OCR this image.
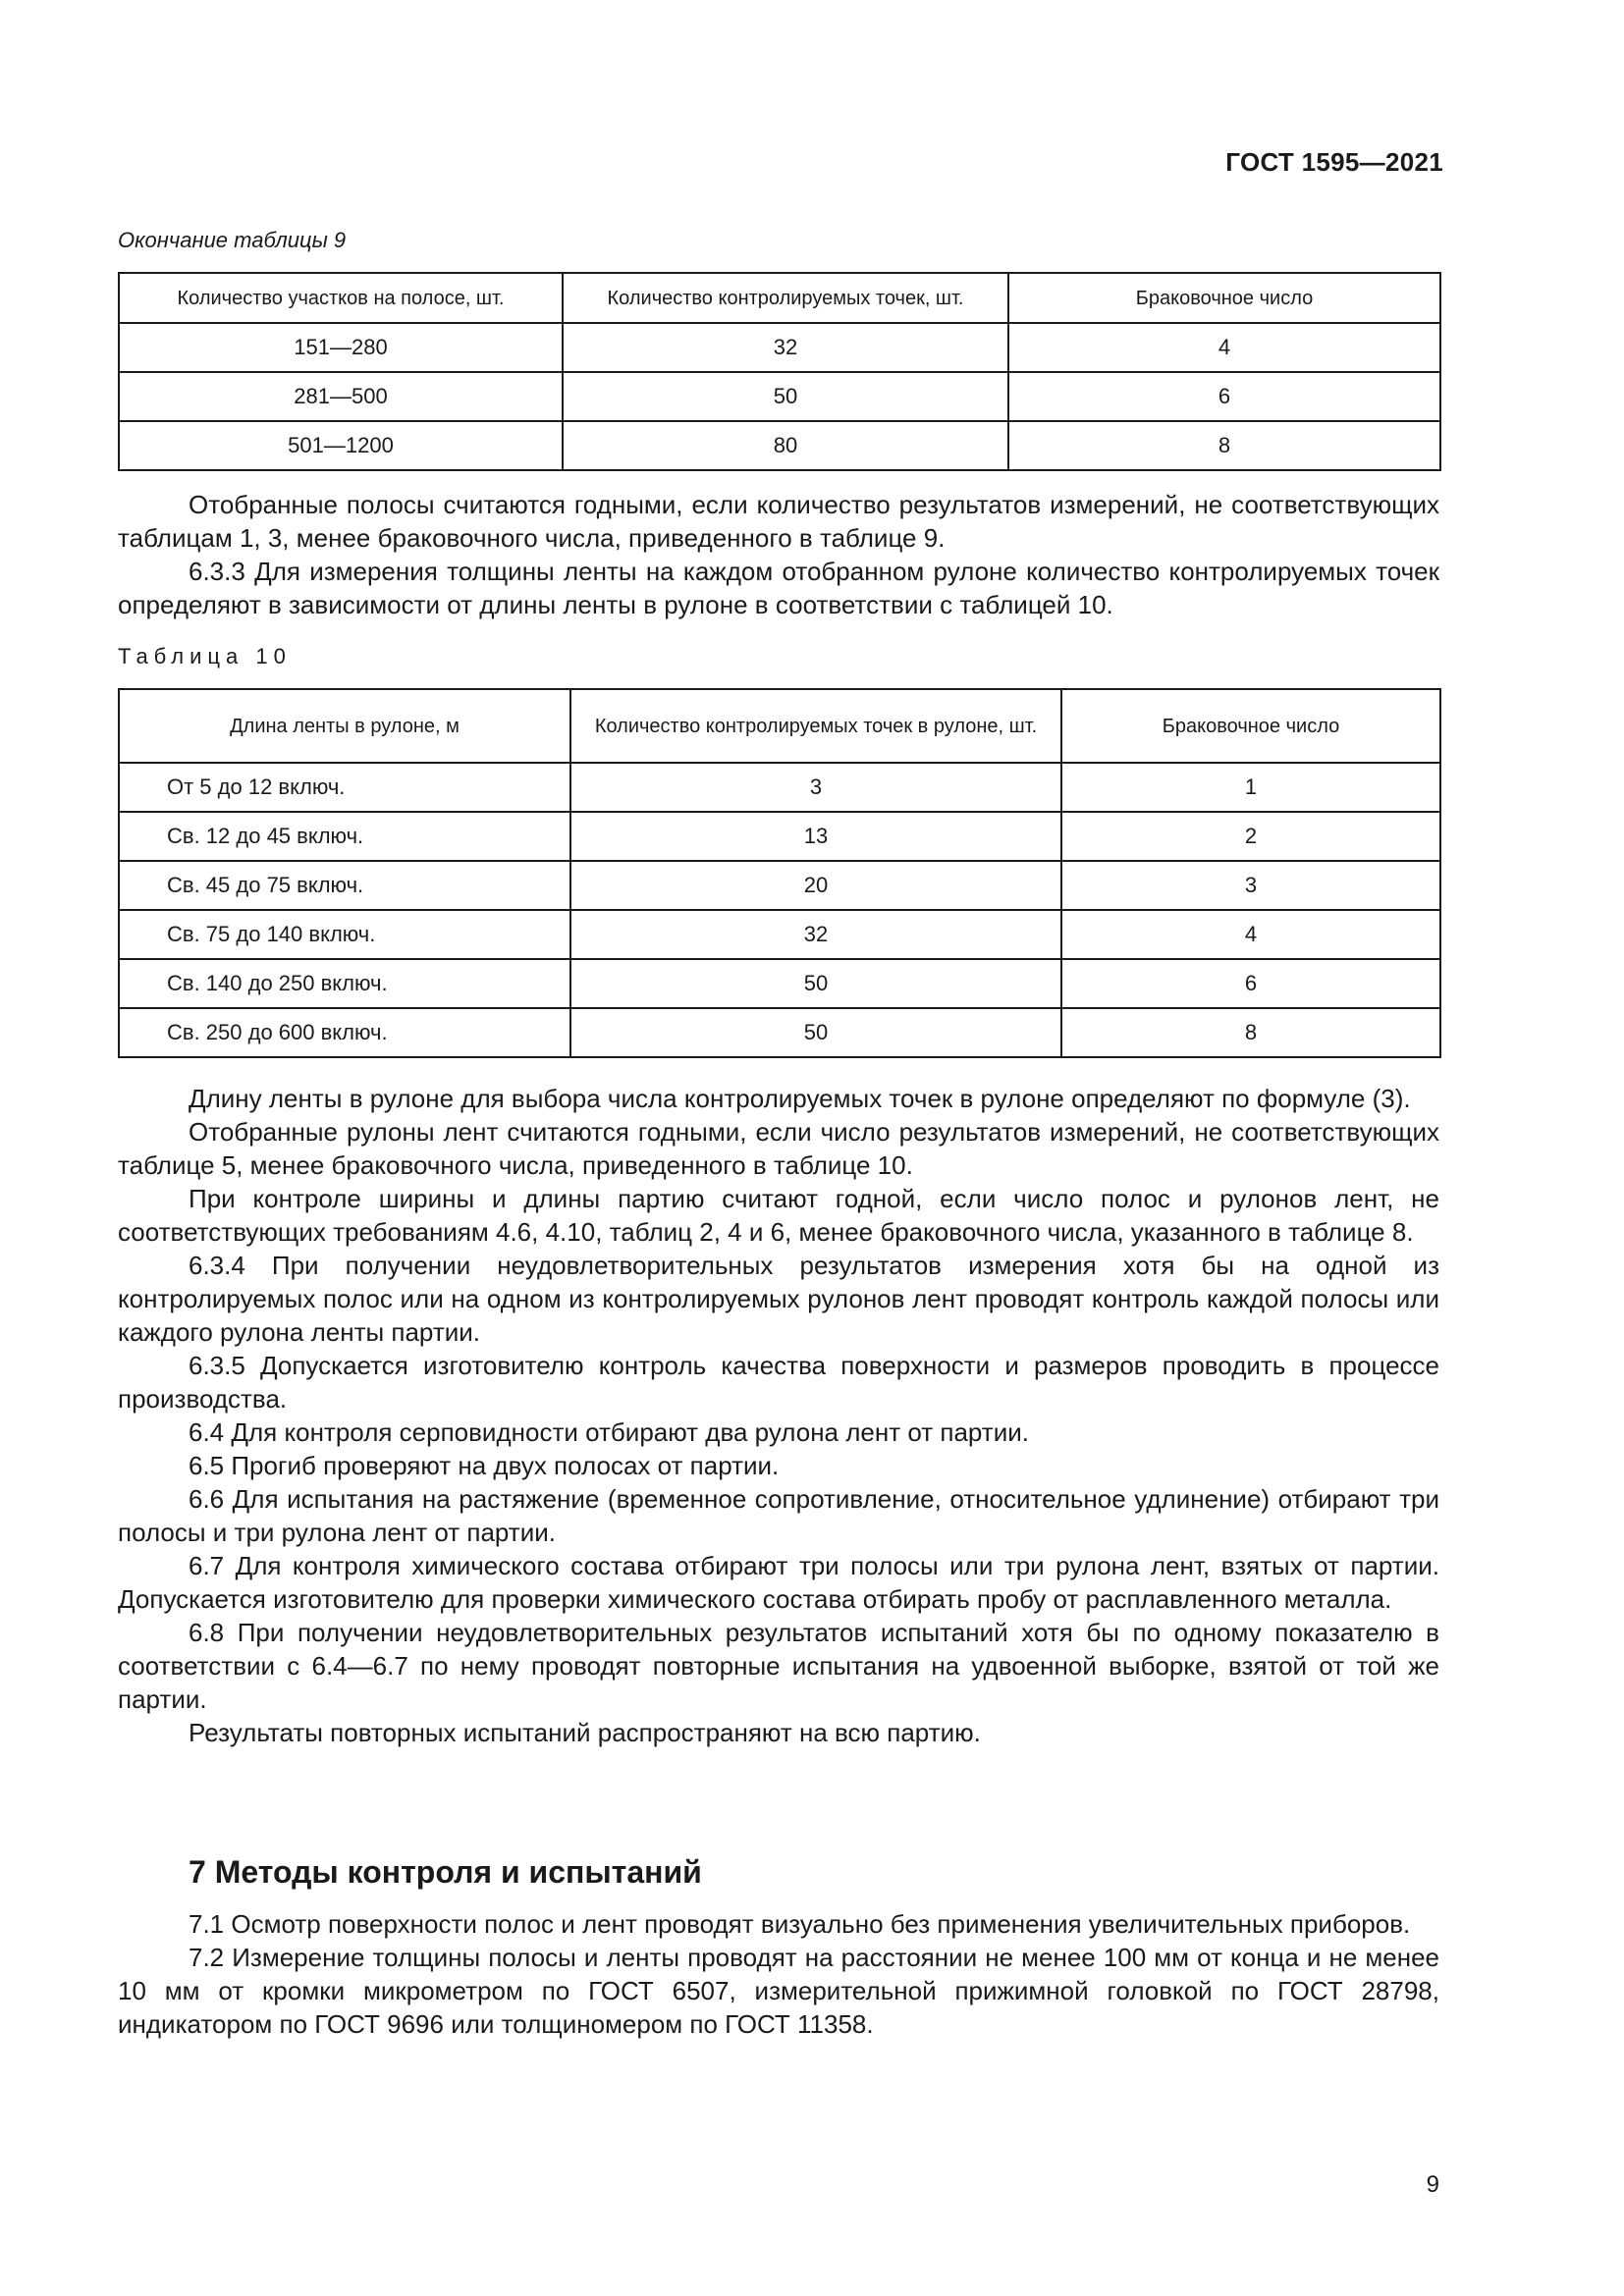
ГОСТ 1595—2021
Окончание таблицы 9
Количество участков на полосе, шт.	Количество контролируемых точек, шт.	Браковочное число
151—280	32	4
281—500	50	6
501—1200	80	8

Отобранные полосы считаются годными, если количество результатов измерений, не соответствующих таблицам 1, 3, менее браковочного числа, приведенного в таблице 9.

6.3.3 Для измерения толщины ленты на каждом отобранном рулоне количество контролируемых точек определяют в зависимости от длины ленты в рулоне в соответствии с таблицей 10.

Таблица 10
Длина ленты в рулоне, м	Количество контролируемых точек в рулоне, шт.	Браковочное число
От 5 до 12 включ.	3	1
Св. 12 до 45 включ.	13	2
Св. 45 до 75 включ.	20	3
Св. 75 до 140 включ.	32	4
Св. 140 до 250 включ.	50	6
Св. 250 до 600 включ.	50	8

Длину ленты в рулоне для выбора числа контролируемых точек в рулоне определяют по формуле (3).

Отобранные рулоны лент считаются годными, если число результатов измерений, не соответствующих таблице 5, менее браковочного числа, приведенного в таблице 10.

При контроле ширины и длины партию считают годной, если число полос и рулонов лент, не соответствующих требованиям 4.6, 4.10, таблиц 2, 4 и 6, менее браковочного числа, указанного в таблице 8.

6.3.4 При получении неудовлетворительных результатов измерения хотя бы на одной из контролируемых полос или на одном из контролируемых рулонов лент проводят контроль каждой полосы или каждого рулона ленты партии.

6.3.5 Допускается изготовителю контроль качества поверхности и размеров проводить в процессе производства.

6.4 Для контроля серповидности отбирают два рулона лент от партии.

6.5 Прогиб проверяют на двух полосах от партии.

6.6 Для испытания на растяжение (временное сопротивление, относительное удлинение) отбирают три полосы и три рулона лент от партии.

6.7 Для контроля химического состава отбирают три полосы или три рулона лент, взятых от партии. Допускается изготовителю для проверки химического состава отбирать пробу от расплавленного металла.

6.8 При получении неудовлетворительных результатов испытаний хотя бы по одному показателю в соответствии с 6.4—6.7 по нему проводят повторные испытания на удвоенной выборке, взятой от той же партии.

Результаты повторных испытаний распространяют на всю партию.

7 Методы контроля и испытаний

7.1 Осмотр поверхности полос и лент проводят визуально без применения увеличительных приборов.

7.2 Измерение толщины полосы и ленты проводят на расстоянии не менее 100 мм от конца и не менее 10 мм от кромки микрометром по ГОСТ 6507, измерительной прижимной головкой по ГОСТ 28798, индикатором по ГОСТ 9696 или толщиномером по ГОСТ 11358.

9
